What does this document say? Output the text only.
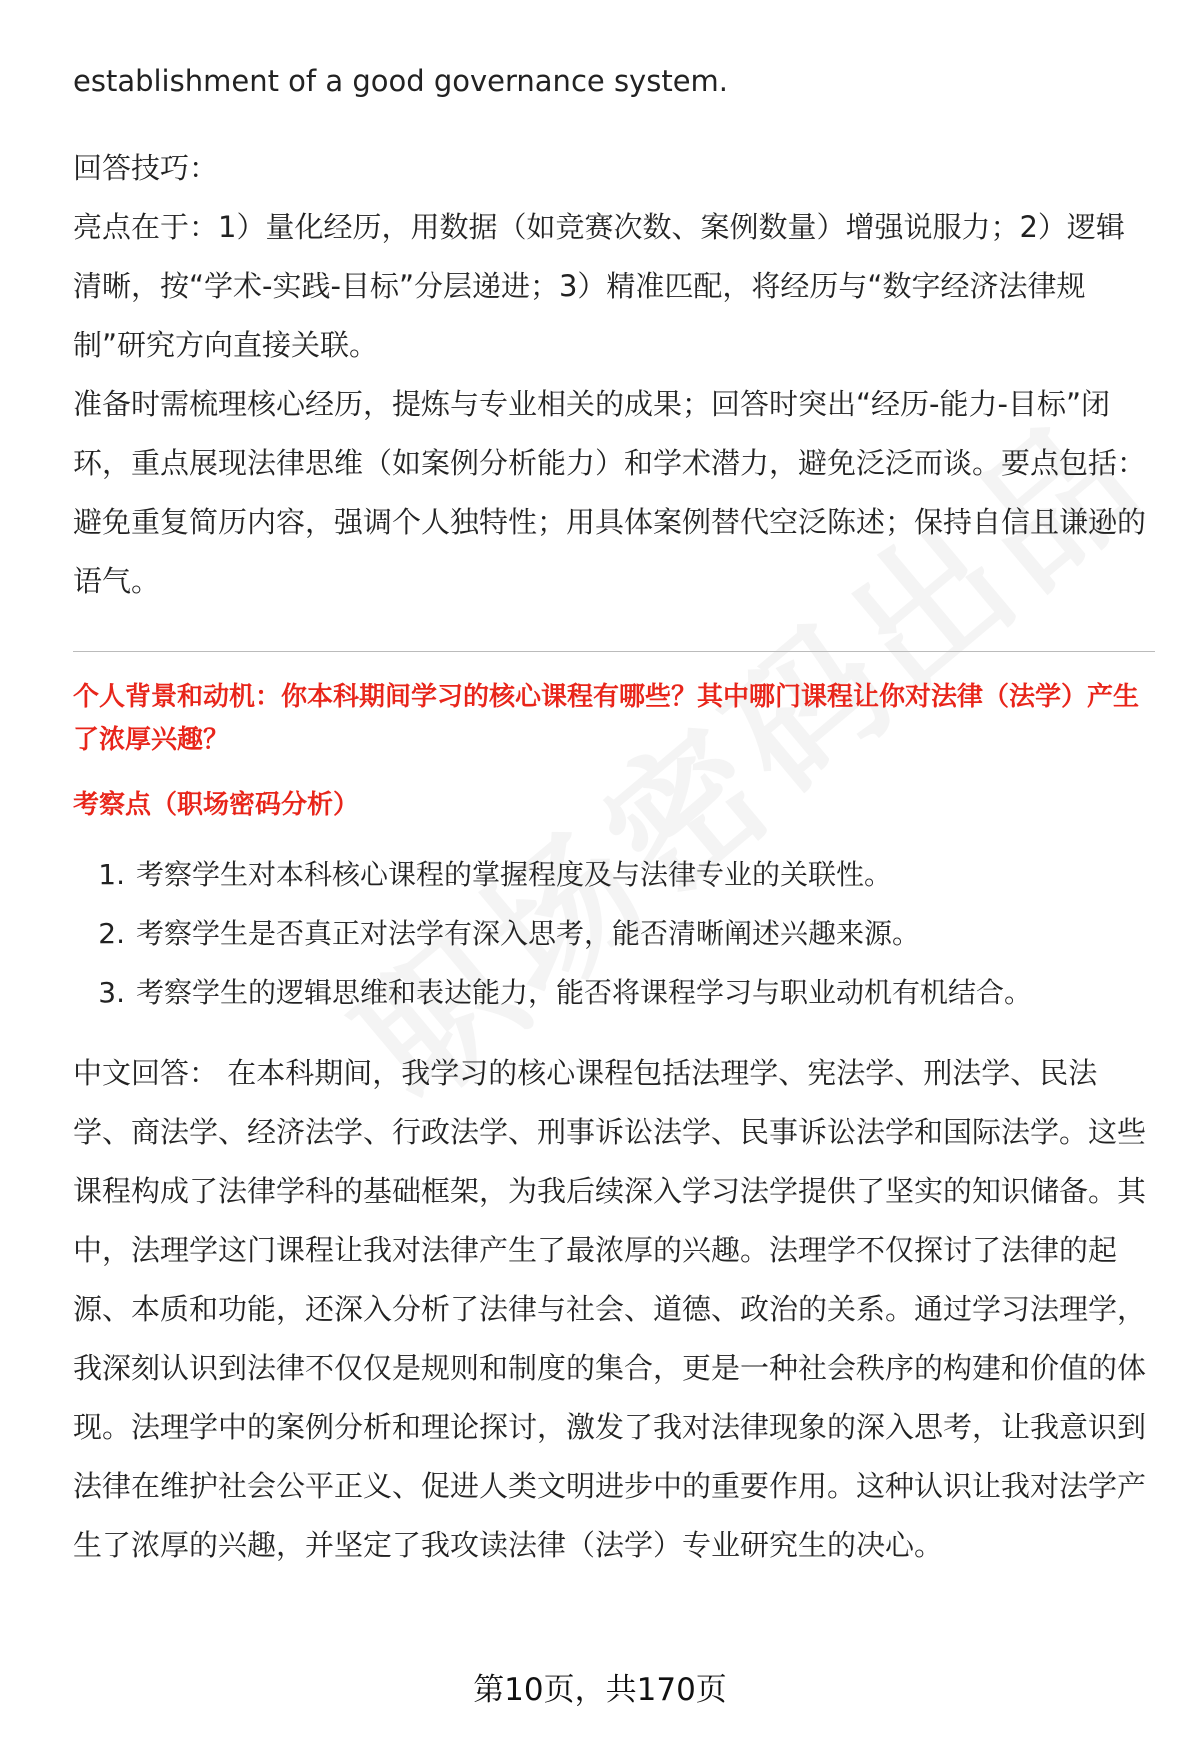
establishment of a good governance system.

回答技巧：

亮点在于：1）量化经历，用数据（如竞赛次数、案例数量）增强说服力；2）逻辑清晰，按“学术-实践-目标”分层递进；3）精准匹配，将经历与“数字经济法律规制”研究方向直接关联。

准备时需梳理核心经历，提炼与专业相关的成果；回答时突出“经历-能力-目标”闭环，重点展现法律思维（如案例分析能力）和学术潜力，避免泛泛而谈。要点包括：避免重复简历内容，强调个人独特性；用具体案例替代空泛陈述；保持自信且谦逊的语气。

个人背景和动机：你本科期间学习的核心课程有哪些？其中哪门课程让你对法律（法学）产生了浓厚兴趣？

考察点（职场密码分析）

1. 考察学生对本科核心课程的掌握程度及与法律专业的关联性。
2. 考察学生是否真正对法学有深入思考，能否清晰阐述兴趣来源。
3. 考察学生的逻辑思维和表达能力，能否将课程学习与职业动机有机结合。

中文回答： 在本科期间，我学习的核心课程包括法理学、宪法学、刑法学、民法学、商法学、经济法学、行政法学、刑事诉讼法学、民事诉讼法学和国际法学。这些课程构成了法律学科的基础框架，为我后续深入学习法学提供了坚实的知识储备。其中，法理学这门课程让我对法律产生了最浓厚的兴趣。法理学不仅探讨了法律的起源、本质和功能，还深入分析了法律与社会、道德、政治的关系。通过学习法理学，我深刻认识到法律不仅仅是规则和制度的集合，更是一种社会秩序的构建和价值的体现。法理学中的案例分析和理论探讨，激发了我对法律现象的深入思考，让我意识到法律在维护社会公平正义、促进人类文明进步中的重要作用。这种认识让我对法学产生了浓厚的兴趣，并坚定了我攻读法律（法学）专业研究生的决心。

第10页，共170页
